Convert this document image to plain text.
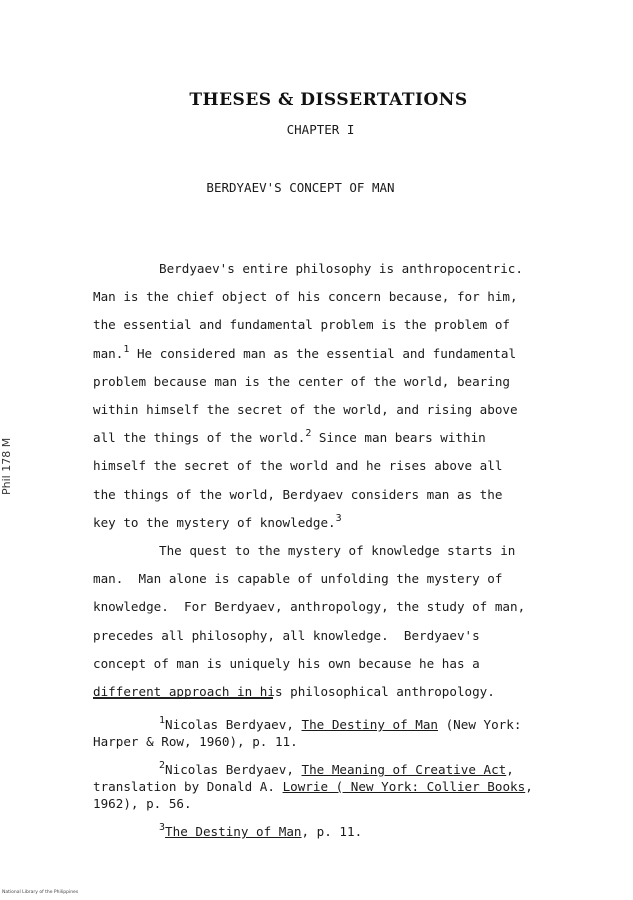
THESES & DISSERTATIONS
CHAPTER I
BERDYAEV'S CONCEPT OF MAN

Berdyaev's entire philosophy is anthropocentric.

Man is the chief object of his concern because, for him,

the essential and fundamental problem is the problem of

man.$^1$ He considered man as the essential and fundamental

problem because man is the center of the world, bearing

within himself the secret of the world, and rising above

all the things of the world.$^2$ Since man bears within

himself the secret of the world and he rises above all

the things of the world, Berdyaev considers man as the

key to the mystery of knowledge.$^3$

The quest to the mystery of knowledge starts in

man.  Man alone is capable of unfolding the mystery of

knowledge.  For Berdyaev, anthropology, the study of man,

precedes all philosophy, all knowledge.  Berdyaev's

concept of man is uniquely his own because he has a

different approach in his philosophical anthropology.

$^1$Nicolas Berdyaev, The Destiny of Man (New York:

Harper & Row, 1960), p. 11.

$^2$Nicolas Berdyaev, The Meaning of Creative Act,

translation by Donald A. Lowrie ( New York: Collier Books,

1962), p. 56.

$^3$The Destiny of Man, p. 11.

Phil 178 M
National Library of the Philippines
